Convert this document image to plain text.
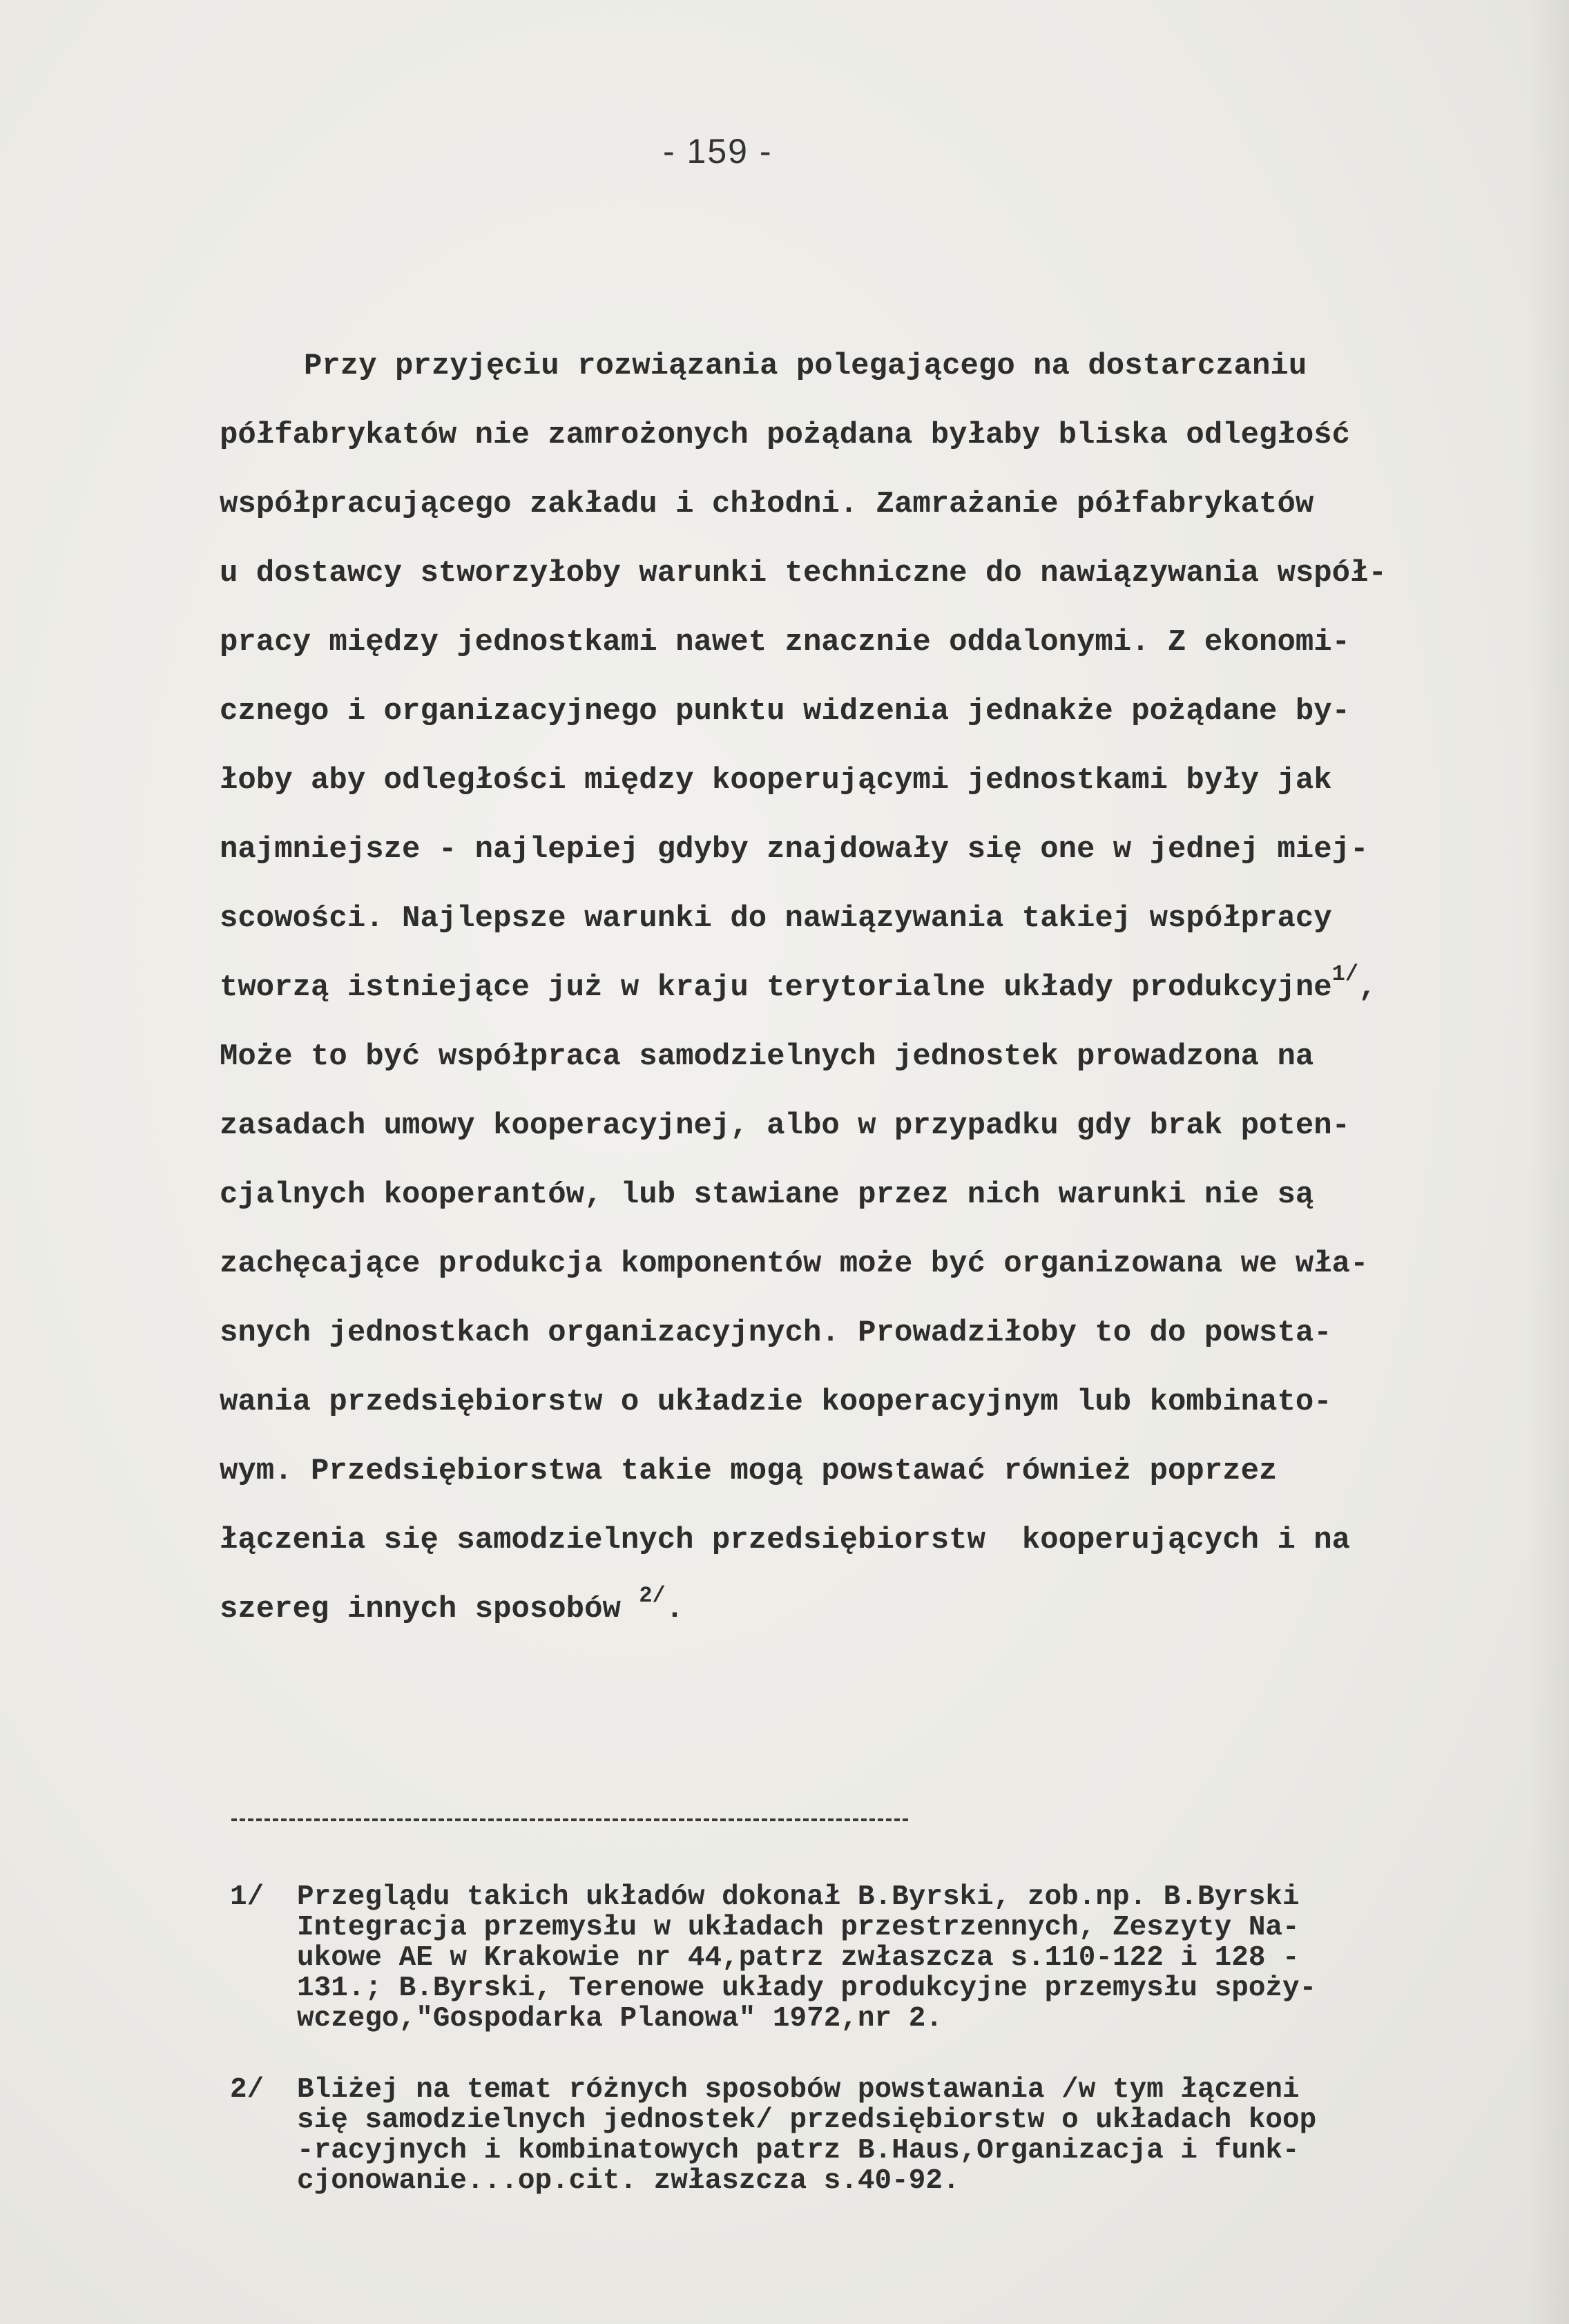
- 159 -
Przy przyjęciu rozwiązania polegającego na dostarczaniu
półfabrykatów nie zamrożonych pożądana byłaby bliska odległość
współpracującego zakładu i chłodni. Zamrażanie półfabrykatów
u dostawcy stworzyłoby warunki techniczne do nawiązywania współ-
pracy między jednostkami nawet znacznie oddalonymi. Z ekonomi-
cznego i organizacyjnego punktu widzenia jednakże pożądane by-
łoby aby odległości między kooperującymi jednostkami były jak
najmniejsze - najlepiej gdyby znajdowały się one w jednej miej-
scowości. Najlepsze warunki do nawiązywania takiej współpracy
tworzą istniejące już w kraju terytorialne układy produkcyjne$^{1/}$,
Może to być współpraca samodzielnych jednostek prowadzona na
zasadach umowy kooperacyjnej, albo w przypadku gdy brak poten-
cjalnych kooperantów, lub stawiane przez nich warunki nie są
zachęcające produkcja komponentów może być organizowana we wła-
snych jednostkach organizacyjnych. Prowadziłoby to do powsta-
wania przedsiębiorstw o układzie kooperacyjnym lub kombinato-
wym. Przedsiębiorstwa takie mogą powstawać również poprzez
łączenia się samodzielnych przedsiębiorstw  kooperujących i na
szereg innych sposobów $^{2/}$.
1/ Przeglądu takich układów dokonał B.Byrski, zob.np. B.Byrski
Integracja przemysłu w układach przestrzennych, Zeszyty Na-
ukowe AE w Krakowie nr 44,patrz zwłaszcza s.110-122 i 128 -
131.; B.Byrski, Terenowe układy produkcyjne przemysłu spoży-
wczego,"Gospodarka Planowa" 1972,nr 2.
2/ Bliżej na temat różnych sposobów powstawania /w tym łączeni
się samodzielnych jednostek/ przedsiębiorstw o układach koop
-racyjnych i kombinatowych patrz B.Haus,Organizacja i funk-
cjonowanie...op.cit. zwłaszcza s.40-92.
